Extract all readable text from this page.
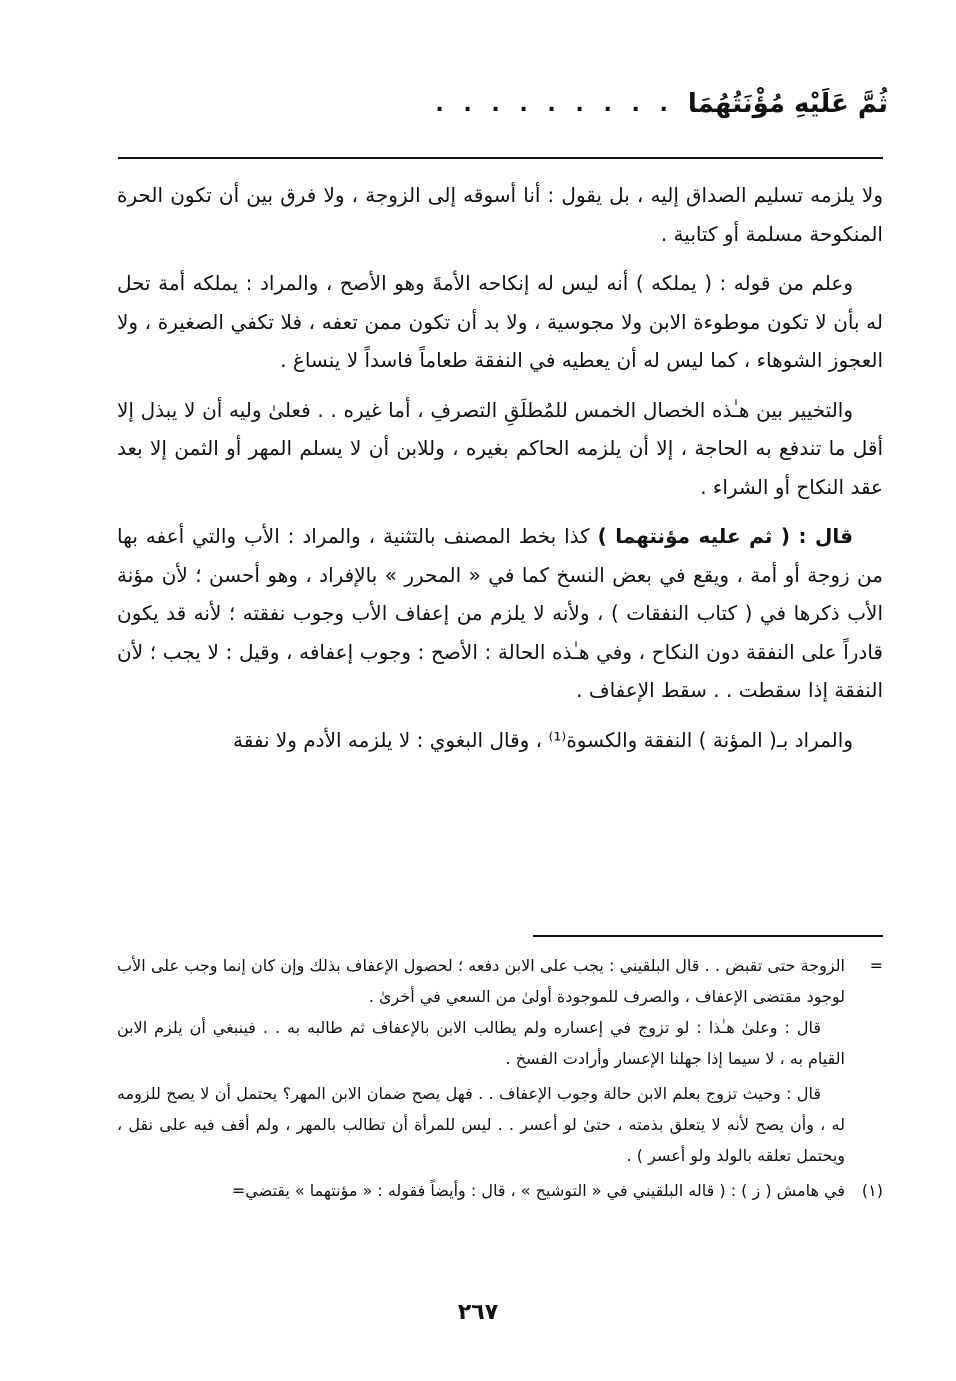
ثُمَّ عَلَيْهِ مُؤْنَتُهُمَا
. . . . . . . . .

ولا يلزمه تسليم الصداق إليه ، بل يقول : أنا أسوقه إلى الزوجة ، ولا فرق بين أن تكون الحرة المنكوحة مسلمة أو كتابية .

وعلم من قوله : ( يملكه ) أنه ليس له إنكاحه الأمةَ وهو الأصح ، والمراد : يملكه أمة تحل له بأن لا تكون موطوءة الابن ولا مجوسية ، ولا بد أن تكون ممن تعفه ، فلا تكفي الصغيرة ، ولا العجوز الشوهاء ، كما ليس له أن يعطيه في النفقة طعاماً فاسداً لا ينساغ .

والتخيير بين هـٰذه الخصال الخمس للمُطلَقِ التصرفِ ، أما غيره . . فعلىٰ وليه أن لا يبذل إلا أقل ما تندفع به الحاجة ، إلا أن يلزمه الحاكم بغيره ، وللابن أن لا يسلم المهر أو الثمن إلا بعد عقد النكاح أو الشراء .

قال : ( ثم عليه مؤنتهما ) كذا بخط المصنف بالتثنية ، والمراد : الأب والتي أعفه بها من زوجة أو أمة ، ويقع في بعض النسخ كما في « المحرر » بالإفراد ، وهو أحسن ؛ لأن مؤنة الأب ذكرها في ( كتاب النفقات ) ، ولأنه لا يلزم من إعفاف الأب وجوب نفقته ؛ لأنه قد يكون قادراً على النفقة دون النكاح ، وفي هـٰذه الحالة : الأصح : وجوب إعفافه ، وقيل : لا يجب ؛ لأن النفقة إذا سقطت . . سقط الإعفاف .

والمراد بـ( المؤنة ) النفقة والكسوة⁽¹⁾ ، وقال البغوي : لا يلزمه الأدم ولا نفقة

=
الزوجة حتى تقبض . . قال البلقيني : يجب على الابن دفعه ؛ لحصول الإعفاف بذلك وإن كان إنما وجب على الأب لوجود مقتضى الإعفاف ، والصرف للموجودة أولىٰ من السعي في أخرىٰ .

قال : وعلىٰ هـٰذا : لو تزوج في إعساره ولم يطالب الابن بالإعفاف ثم طالبه به . . فينبغي أن يلزم الابن القيام به ، لا سيما إذا جهلنا الإعسار وأرادت الفسخ .

قال : وحيث تزوج بعلم الابن حالة وجوب الإعفاف . . فهل يصح ضمان الابن المهر؟ يحتمل أن لا يصح للزومه له ، وأن يصح لأنه لا يتعلق بذمته ، حتىٰ لو أعسر . . ليس للمرأة أن تطالب بالمهر ، ولم أقف فيه على نقل ، ويحتمل تعلقه بالولد ولو أعسر ) .

(١)
في هامش ( ز ) : ( قاله البلقيني في « التوشيح » ، قال : وأيضاً فقوله : « مؤنتهما » يقتضي=
٢٦٧
